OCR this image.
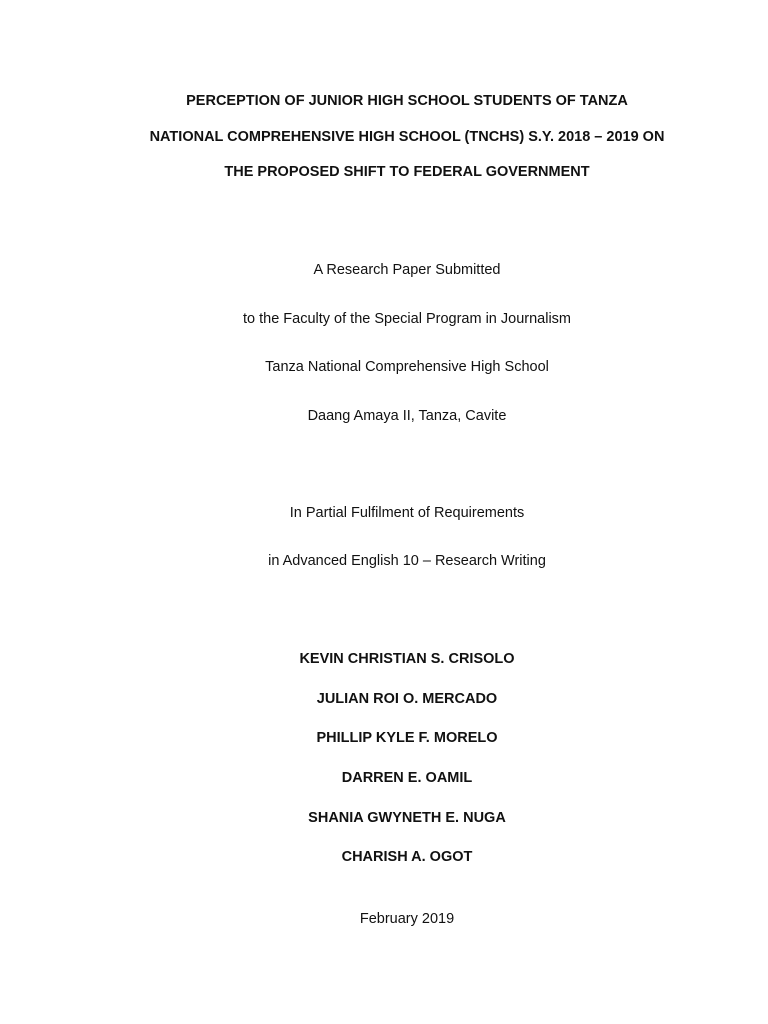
PERCEPTION OF JUNIOR HIGH SCHOOL STUDENTS OF TANZA
NATIONAL COMPREHENSIVE HIGH SCHOOL (TNCHS) S.Y. 2018 – 2019 ON
THE PROPOSED SHIFT TO FEDERAL GOVERNMENT
A Research Paper Submitted
to the Faculty of the Special Program in Journalism
Tanza National Comprehensive High School
Daang Amaya II, Tanza, Cavite
In Partial Fulfilment of Requirements
in Advanced English 10 – Research Writing
KEVIN CHRISTIAN S. CRISOLO
JULIAN ROI O. MERCADO
PHILLIP KYLE F. MORELO
DARREN E. OAMIL
SHANIA GWYNETH E. NUGA
CHARISH A. OGOT
February 2019
